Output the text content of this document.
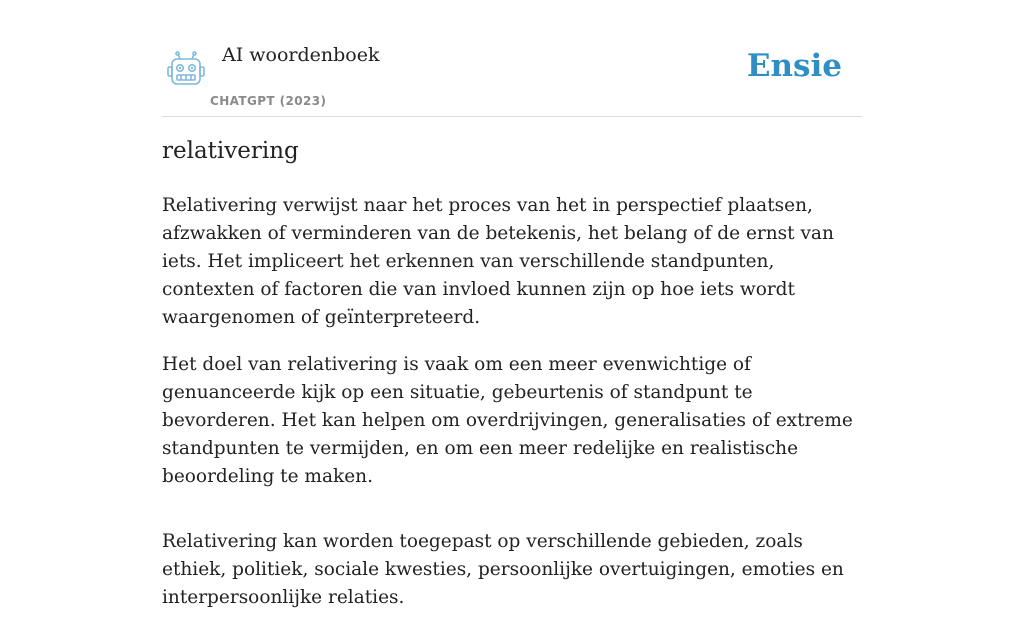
AI woordenboek
CHATGPT (2023)
Ensie
relativering

Relativering verwijst naar het proces van het in perspectief plaatsen, afzwakken of verminderen van de betekenis, het belang of de ernst van iets. Het impliceert het erkennen van verschillende standpunten, contexten of factoren die van invloed kunnen zijn op hoe iets wordt waargenomen of geïnterpreteerd.

Het doel van relativering is vaak om een meer evenwichtige of genuanceerde kijk op een situatie, gebeurtenis of standpunt te bevorderen. Het kan helpen om overdrijvingen, generalisaties of extreme standpunten te vermijden, en om een meer redelijke en realistische beoordeling te maken.

Relativering kan worden toegepast op verschillende gebieden, zoals ethiek, politiek, sociale kwesties, persoonlijke overtuigingen, emoties en interpersoonlijke relaties.
